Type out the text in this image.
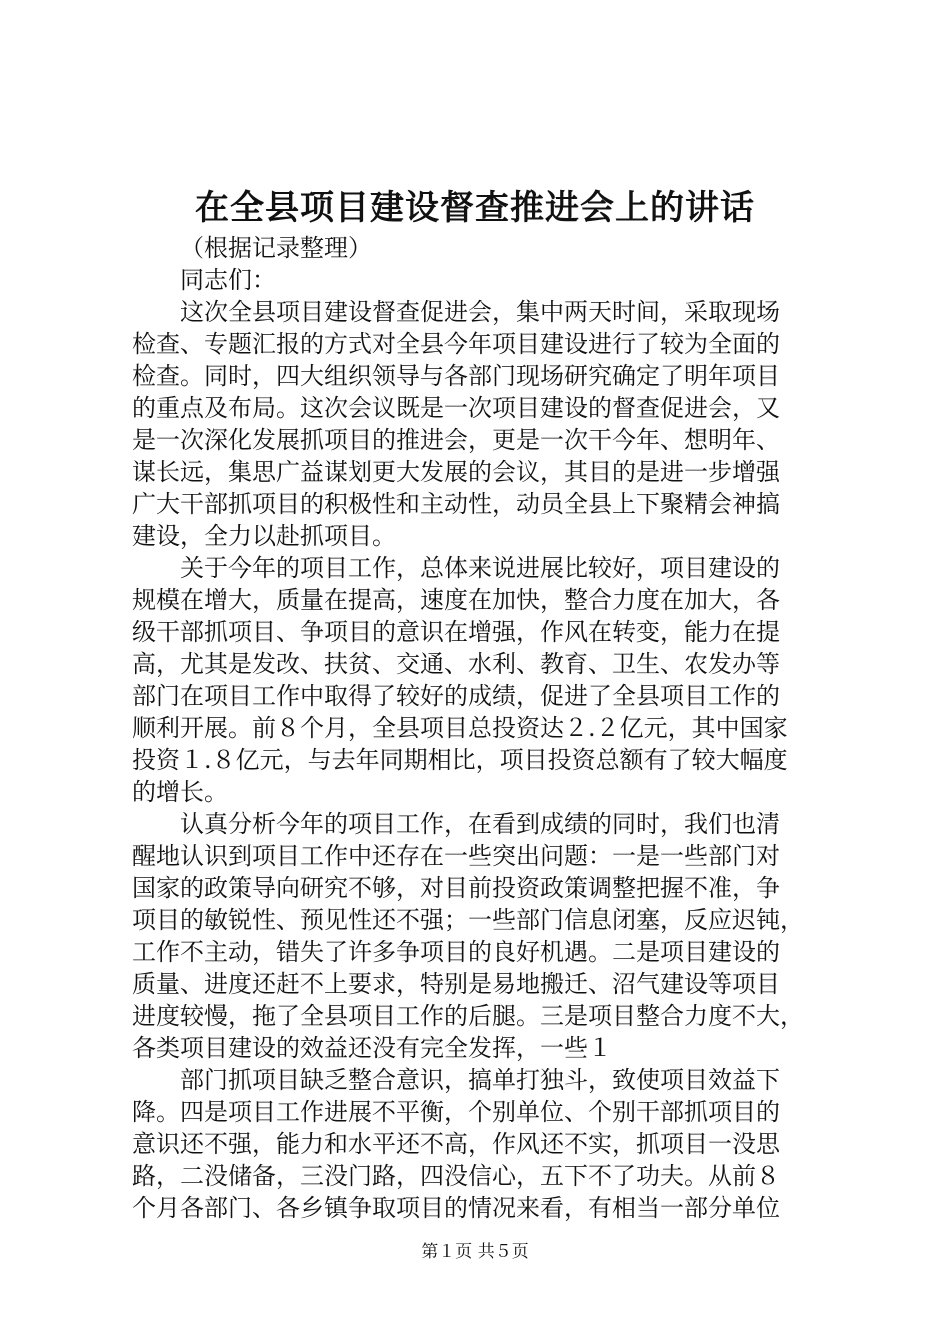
在全县项目建设督查推进会上的讲话

（根据记录整理）

同志们：

这次全县项目建设督查促进会，集中两天时间，采取现场

检查、专题汇报的方式对全县今年项目建设进行了较为全面的

检查。同时，四大组织领导与各部门现场研究确定了明年项目

的重点及布局。这次会议既是一次项目建设的督查促进会，又

是一次深化发展抓项目的推进会，更是一次干今年、想明年、

谋长远，集思广益谋划更大发展的会议，其目的是进一步增强

广大干部抓项目的积极性和主动性，动员全县上下聚精会神搞

建设，全力以赴抓项目。

关于今年的项目工作，总体来说进展比较好，项目建设的

规模在增大，质量在提高，速度在加快，整合力度在加大，各

级干部抓项目、争项目的意识在增强，作风在转变，能力在提

高，尤其是发改、扶贫、交通、水利、教育、卫生、农发办等

部门在项目工作中取得了较好的成绩，促进了全县项目工作的

顺利开展。前８个月，全县项目总投资达２.２亿元，其中国家

投资１.８亿元，与去年同期相比，项目投资总额有了较大幅度

的增长。

认真分析今年的项目工作，在看到成绩的同时，我们也清

醒地认识到项目工作中还存在一些突出问题：一是一些部门对

国家的政策导向研究不够，对目前投资政策调整把握不准，争

项目的敏锐性、预见性还不强；一些部门信息闭塞，反应迟钝，

工作不主动，错失了许多争项目的良好机遇。二是项目建设的

质量、进度还赶不上要求，特别是易地搬迁、沼气建设等项目

进度较慢，拖了全县项目工作的后腿。三是项目整合力度不大，

各类项目建设的效益还没有完全发挥，一些１

部门抓项目缺乏整合意识，搞单打独斗，致使项目效益下

降。四是项目工作进展不平衡，个别单位、个别干部抓项目的

意识还不强，能力和水平还不高，作风还不实，抓项目一没思

路，二没储备，三没门路，四没信心，五下不了功夫。从前８

个月各部门、各乡镇争取项目的情况来看，有相当一部分单位

第１页 共５页
